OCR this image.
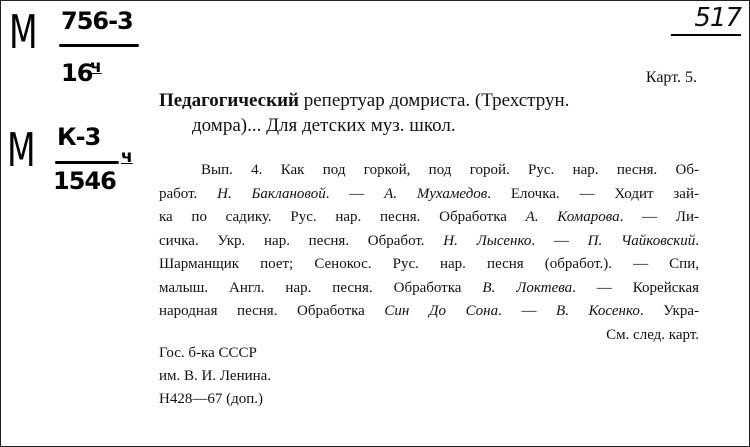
М 756-3
16
ч
М К-3
ч
1546
517
Карт. 5.
Педагогический репертуар домриста. (Трехструн.
домра)... Для детских муз. школ.
Вып. 4. Как под горкой, под горой. Рус. нар. песня. Об-
работ. Н. Баклановой. — А. Мухамедов. Елочка. — Ходит зай-
ка по садику. Рус. нар. песня. Обработка А. Комарова. — Ли-
сичка. Укр. нар. песня. Обработ. Н. Лысенко. — П. Чайковский.
Шарманщик поет; Сенокос. Рус. нар. песня (обработ.). — Спи,
малыш. Англ. нар. песня. Обработка В. Локтева. — Корейская
народная песня. Обработка Син До Сона. — В. Косенко. Укра-
См. след. карт.
Гос. б-ка СССР
им. В. И. Ленина.
Н428—67 (доп.)
